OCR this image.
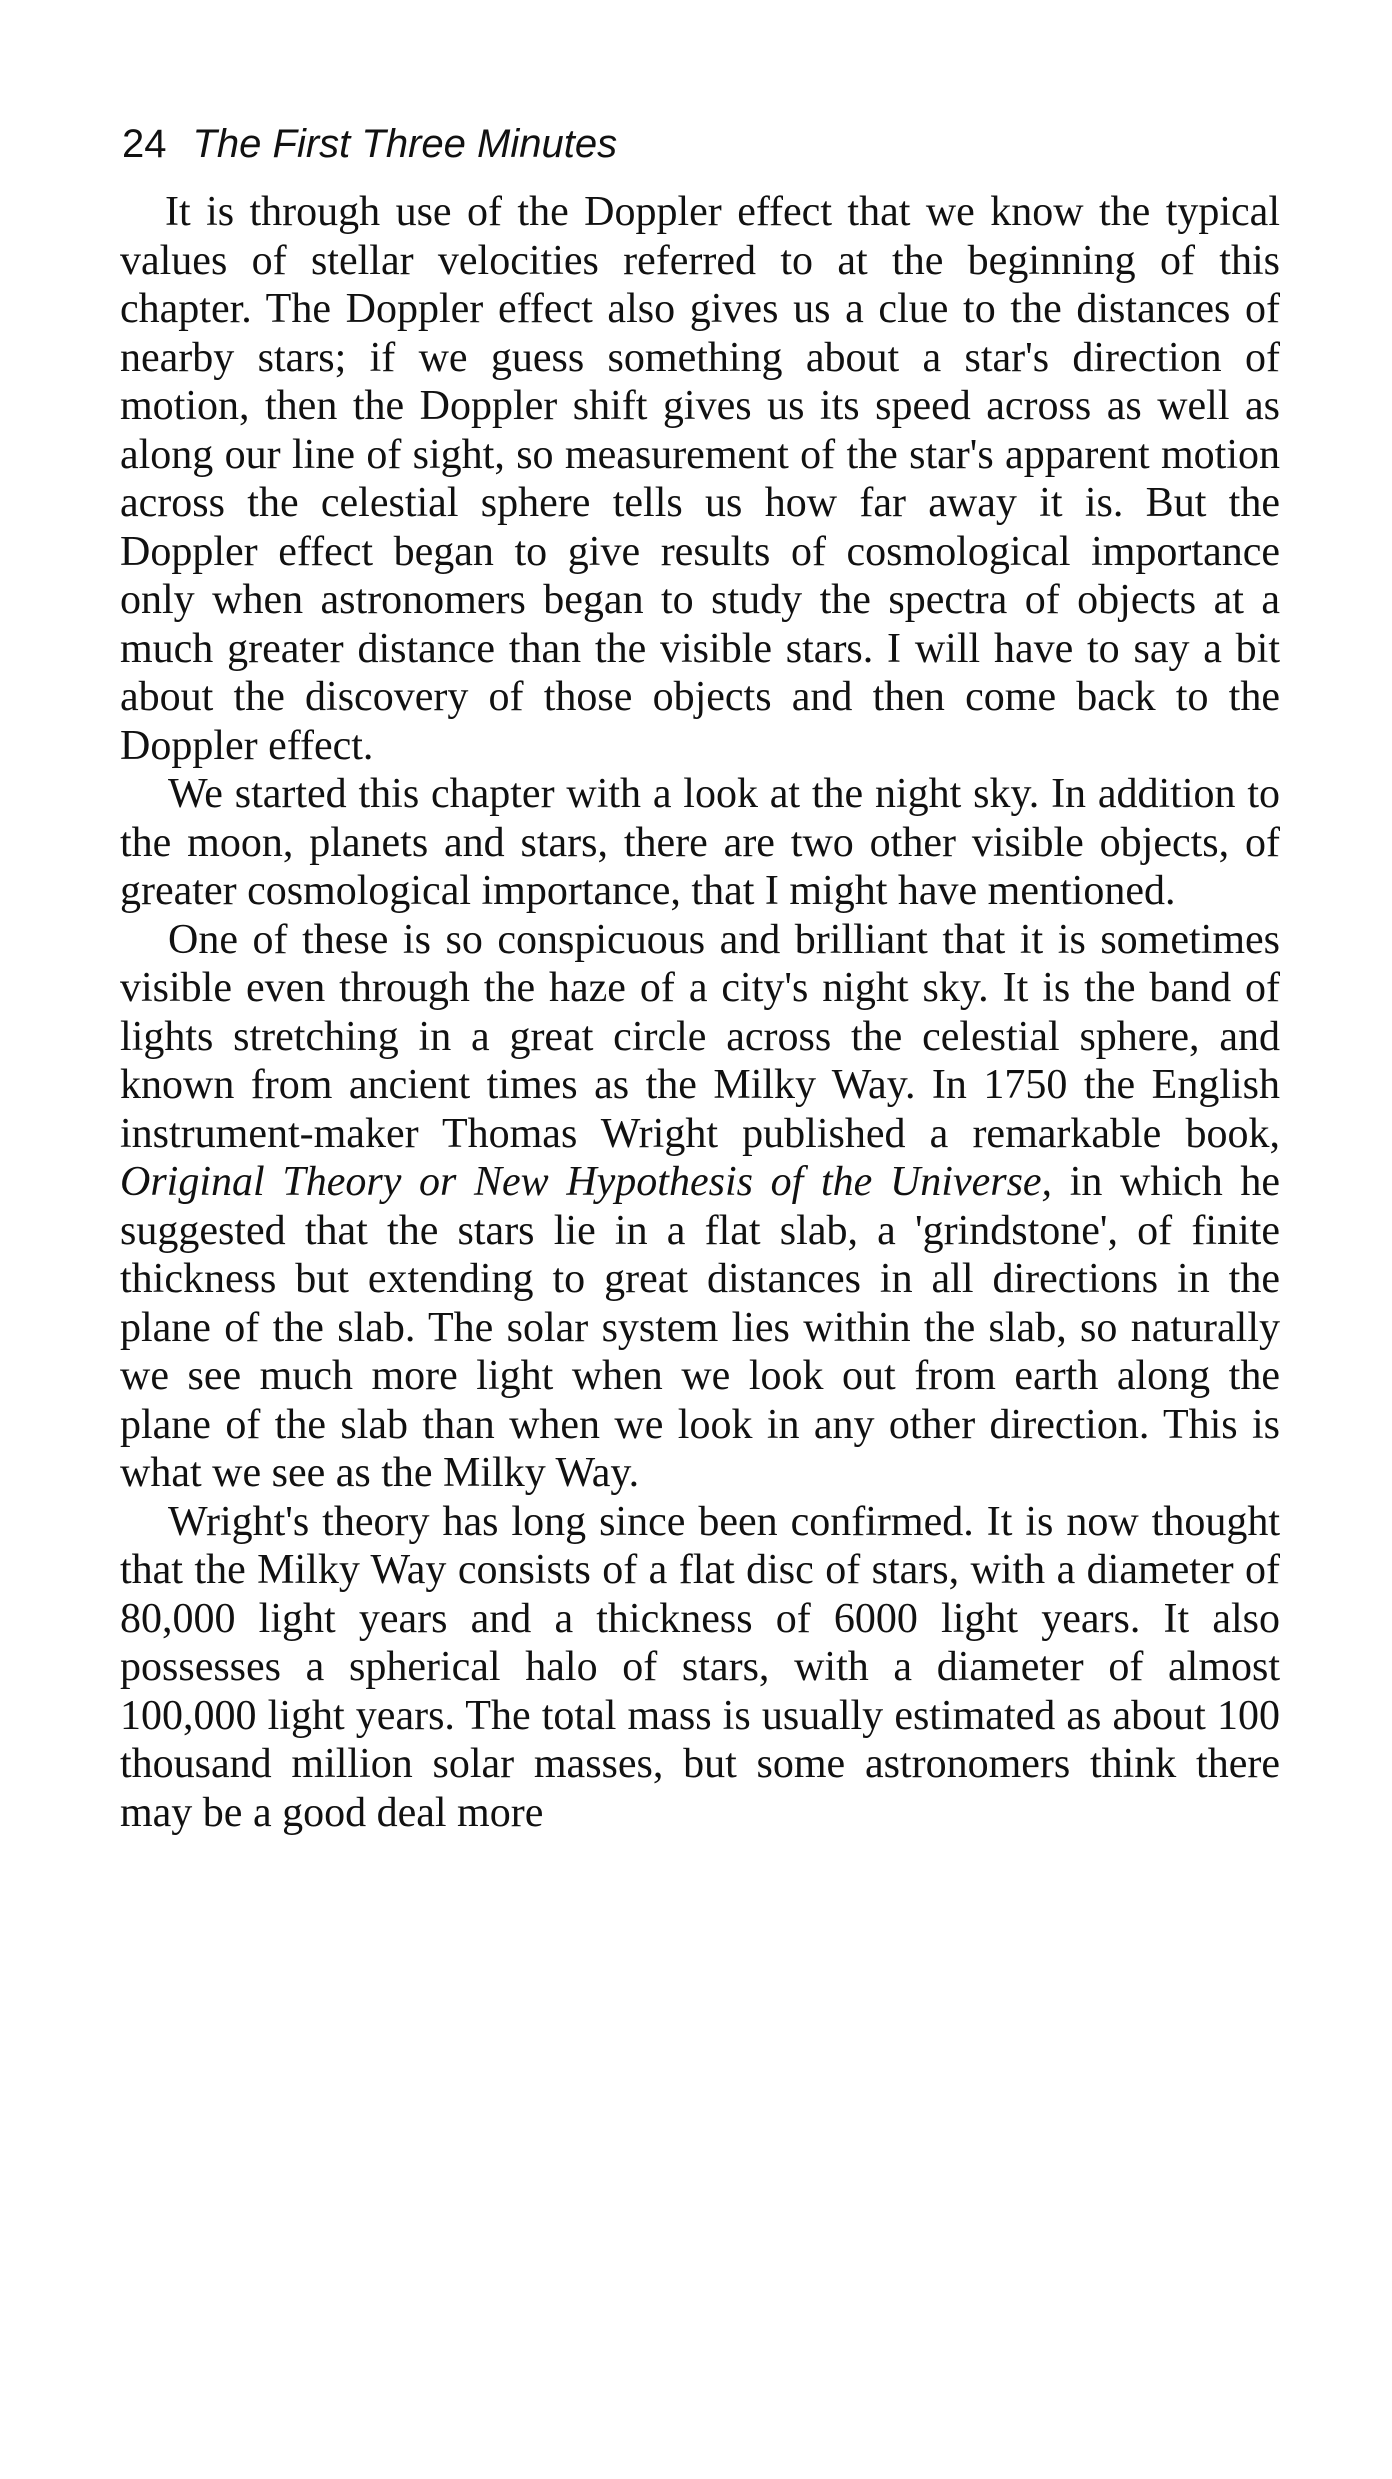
24 The First Three Minutes

It is through use of the Doppler effect that we know the typical values of stellar velocities referred to at the beginning of this chapter. The Doppler effect also gives us a clue to the distances of nearby stars; if we guess something about a star's direction of motion, then the Doppler shift gives us its speed across as well as along our line of sight, so measurement of the star's apparent motion across the celestial sphere tells us how far away it is. But the Doppler effect began to give results of cosmological importance only when astronomers began to study the spectra of objects at a much greater distance than the visible stars. I will have to say a bit about the discovery of those objects and then come back to the Doppler effect.

We started this chapter with a look at the night sky. In addition to the moon, planets and stars, there are two other visible objects, of greater cosmological importance, that I might have mentioned.

One of these is so conspicuous and brilliant that it is sometimes visible even through the haze of a city's night sky. It is the band of lights stretching in a great circle across the celestial sphere, and known from ancient times as the Milky Way. In 1750 the English instrument-maker Thomas Wright published a remarkable book, Original Theory or New Hypothesis of the Universe, in which he suggested that the stars lie in a flat slab, a 'grindstone', of finite thickness but extending to great distances in all directions in the plane of the slab. The solar system lies within the slab, so naturally we see much more light when we look out from earth along the plane of the slab than when we look in any other direction. This is what we see as the Milky Way.

Wright's theory has long since been confirmed. It is now thought that the Milky Way consists of a flat disc of stars, with a diameter of 80,000 light years and a thickness of 6000 light years. It also possesses a spherical halo of stars, with a diameter of almost 100,000 light years. The total mass is usually estimated as about 100 thousand million solar masses, but some astronomers think there may be a good deal more
